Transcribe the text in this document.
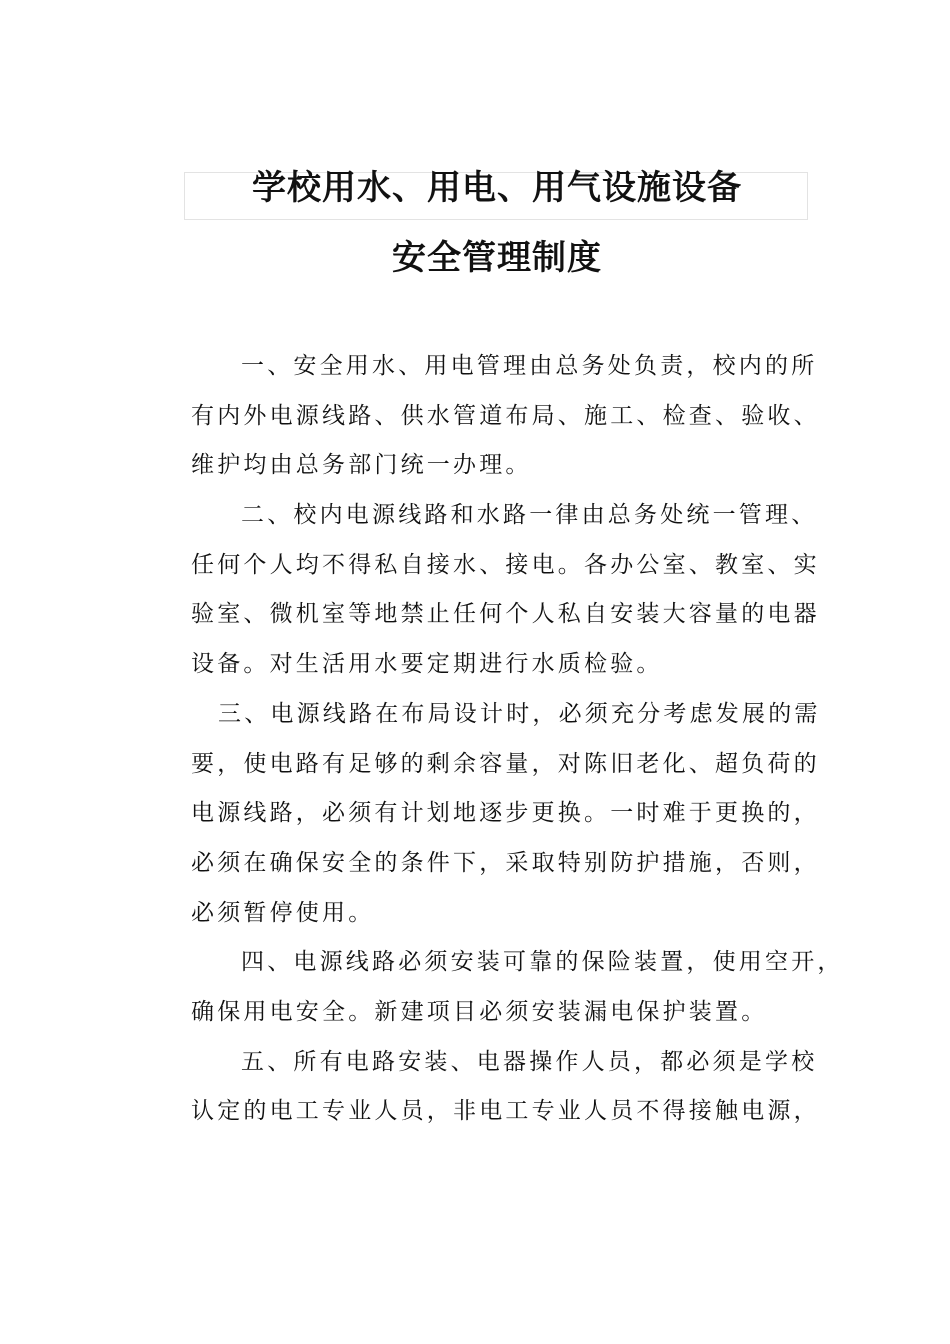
学校用水、用电、用气设施设备
安全管理制度
一、安全用水、用电管理由总务处负责，校内的所
有内外电源线路、供水管道布局、施工、检查、验收、
维护均由总务部门统一办理。
二、校内电源线路和水路一律由总务处统一管理、
任何个人均不得私自接水、接电。各办公室、教室、实
验室、微机室等地禁止任何个人私自安装大容量的电器
设备。对生活用水要定期进行水质检验。
三、电源线路在布局设计时，必须充分考虑发展的需
要，使电路有足够的剩余容量，对陈旧老化、超负荷的
电源线路，必须有计划地逐步更换。一时难于更换的，
必须在确保安全的条件下，采取特别防护措施，否则，
必须暂停使用。
四、电源线路必须安装可靠的保险装置，使用空开，
确保用电安全。新建项目必须安装漏电保护装置。
五、所有电路安装、电器操作人员，都必须是学校
认定的电工专业人员，非电工专业人员不得接触电源，
